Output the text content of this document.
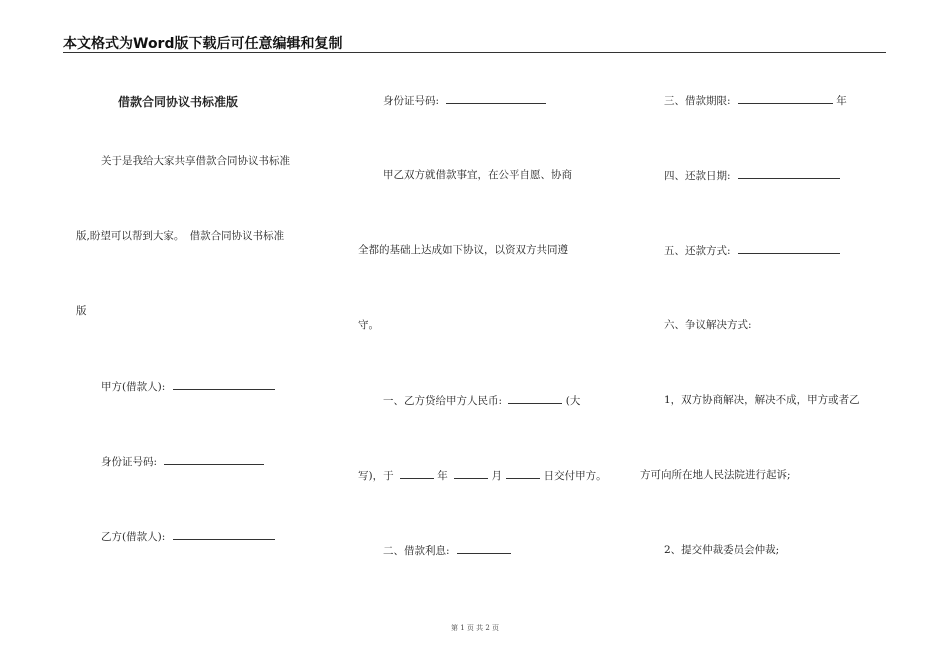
本文格式为Word版下载后可任意编辑和复制
借款合同协议书标准版
关于是我给大家共享借款合同协议书标准
版,盼望可以帮到大家。　借款合同协议书标准
版
甲方(借款人):
身份证号码:
乙方(借款人):
身份证号码:
甲乙双方就借款事宜，在公平自愿、协商
全都的基础上达成如下协议，以资双方共同遵
守。
一、乙方贷给甲方人民币:	(大
写)，于	年	月	日交付甲方。
二、借款利息:
三、借款期限:	年
四、还款日期:
五、还款方式:
六、争议解决方式:
1，双方协商解决，解决不成，甲方或者乙
方可向所在地人民法院进行起诉;
2、提交仲裁委员会仲裁;
第 1 页 共 2 页
